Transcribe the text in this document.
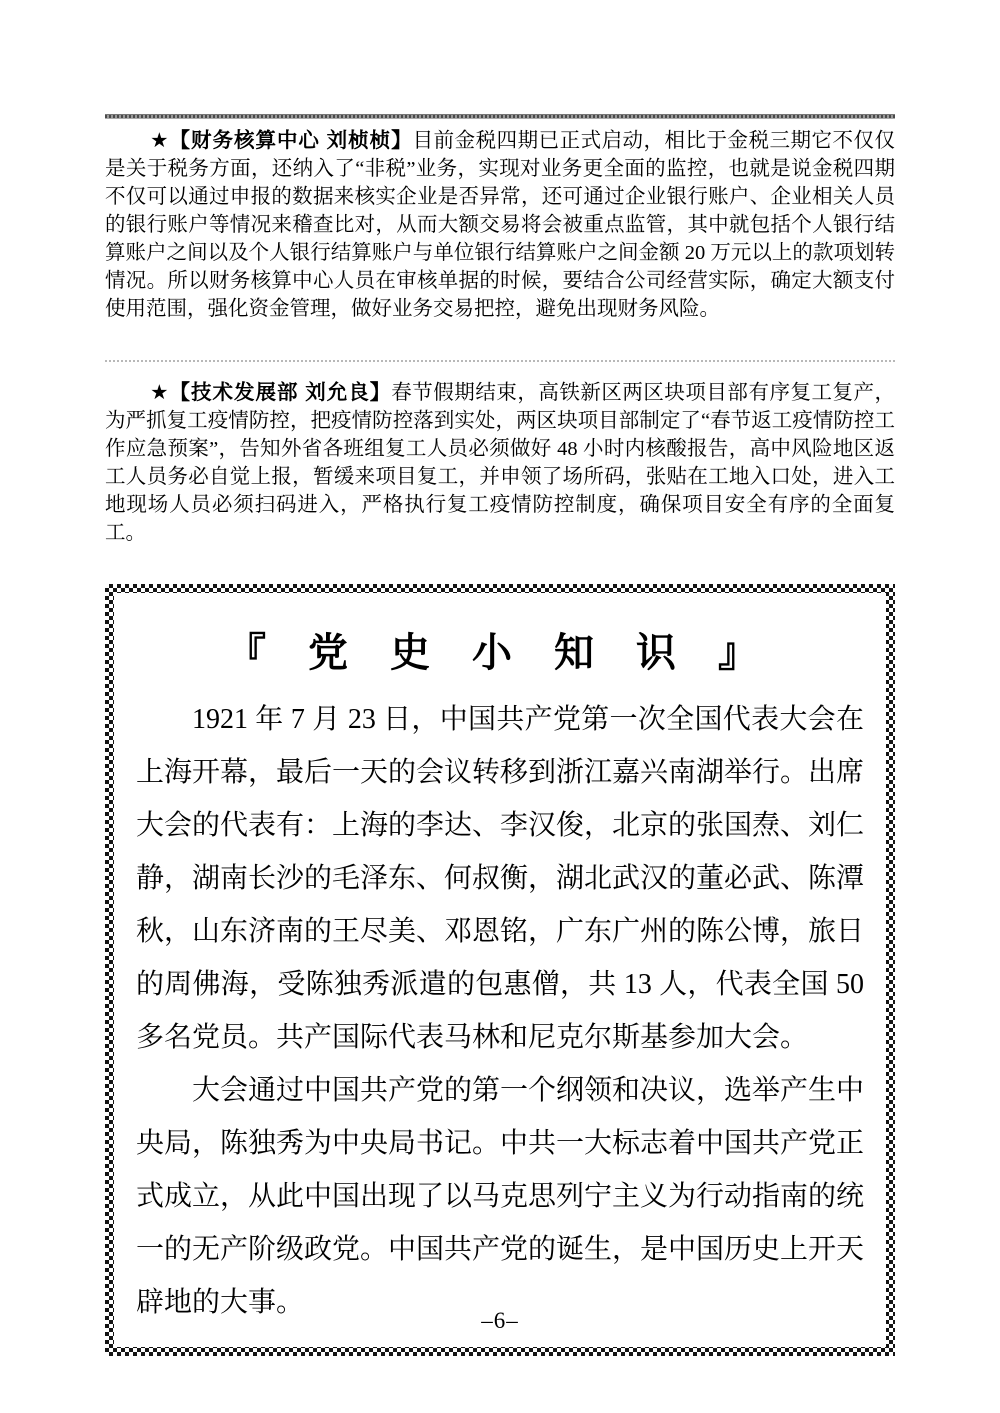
★【财务核算中心 刘桢桢】目前金税四期已正式启动，相比于金税三期它不仅仅是关于税务方面，还纳入了“非税”业务，实现对业务更全面的监控，也就是说金税四期不仅可以通过申报的数据来核实企业是否异常，还可通过企业银行账户、企业相关人员的银行账户等情况来稽查比对，从而大额交易将会被重点监管，其中就包括个人银行结算账户之间以及个人银行结算账户与单位银行结算账户之间金额 20 万元以上的款项划转情况。所以财务核算中心人员在审核单据的时候，要结合公司经营实际，确定大额支付使用范围，强化资金管理，做好业务交易把控，避免出现财务风险。

★【技术发展部 刘允良】春节假期结束，高铁新区两区块项目部有序复工复产，为严抓复工疫情防控，把疫情防控落到实处，两区块项目部制定了“春节返工疫情防控工作应急预案”，告知外省各班组复工人员必须做好 48 小时内核酸报告，高中风险地区返工人员务必自觉上报，暂缓来项目复工，并申领了场所码，张贴在工地入口处，进入工地现场人员必须扫码进入，严格执行复工疫情防控制度，确保项目安全有序的全面复工。

『 党 史 小 知 识 』

1921 年 7 月 23 日，中国共产党第一次全国代表大会在上海开幕，最后一天的会议转移到浙江嘉兴南湖举行。出席大会的代表有：上海的李达、李汉俊，北京的张国焘、刘仁静，湖南长沙的毛泽东、何叔衡，湖北武汉的董必武、陈潭秋，山东济南的王尽美、邓恩铭，广东广州的陈公博，旅日的周佛海，受陈独秀派遣的包惠僧，共 13 人，代表全国 50 多名党员。共产国际代表马林和尼克尔斯基参加大会。

大会通过中国共产党的第一个纲领和决议，选举产生中央局，陈独秀为中央局书记。中共一大标志着中国共产党正式成立，从此中国出现了以马克思列宁主义为行动指南的统一的无产阶级政党。中国共产党的诞生，是中国历史上开天辟地的大事。

–6–
